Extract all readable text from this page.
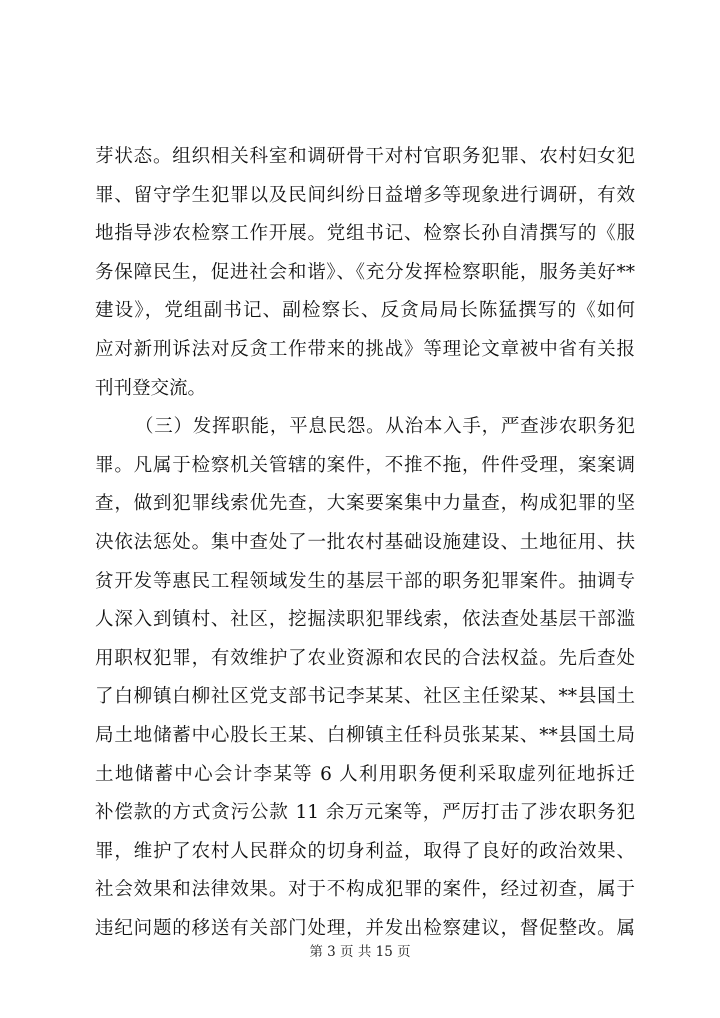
芽状态。组织相关科室和调研骨干对村官职务犯罪、农村妇女犯
罪、留守学生犯罪以及民间纠纷日益增多等现象进行调研，有效
地指导涉农检察工作开展。党组书记、检察长孙自清撰写的《服
务保障民生，促进社会和谐》、《充分发挥检察职能，服务美好**
建设》，党组副书记、副检察长、反贪局局长陈猛撰写的《如何
应对新刑诉法对反贪工作带来的挑战》等理论文章被中省有关报
刊刊登交流。
（三）发挥职能，平息民怨。从治本入手，严查涉农职务犯
罪。凡属于检察机关管辖的案件，不推不拖，件件受理，案案调
查，做到犯罪线索优先查，大案要案集中力量查，构成犯罪的坚
决依法惩处。集中查处了一批农村基础设施建设、土地征用、扶
贫开发等惠民工程领域发生的基层干部的职务犯罪案件。抽调专
人深入到镇村、社区，挖掘渎职犯罪线索，依法查处基层干部滥
用职权犯罪，有效维护了农业资源和农民的合法权益。先后查处
了白柳镇白柳社区党支部书记李某某、社区主任梁某、**县国土
局土地储蓄中心股长王某、白柳镇主任科员张某某、**县国土局
土地储蓄中心会计李某等 6 人利用职务便利采取虚列征地拆迁
补偿款的方式贪污公款 11 余万元案等，严厉打击了涉农职务犯
罪，维护了农村人民群众的切身利益，取得了良好的政治效果、
社会效果和法律效果。对于不构成犯罪的案件，经过初查，属于
违纪问题的移送有关部门处理，并发出检察建议，督促整改。属
第 3 页 共 15 页
